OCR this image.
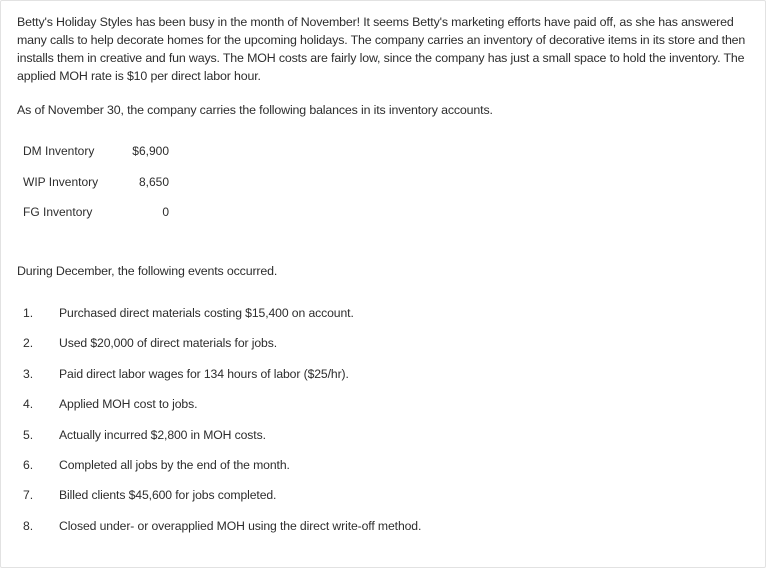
Betty's Holiday Styles has been busy in the month of November! It seems Betty's marketing efforts have paid off, as she has answered many calls to help decorate homes for the upcoming holidays. The company carries an inventory of decorative items in its store and then installs them in creative and fun ways. The MOH costs are fairly low, since the company has just a small space to hold the inventory. The applied MOH rate is $10 per direct labor hour.

As of November 30, the company carries the following balances in its inventory accounts.

DM Inventory	$6,900
WIP Inventory	8,650
FG Inventory	0

During December, the following events occurred.

1. Purchased direct materials costing $15,400 on account.
2. Used $20,000 of direct materials for jobs.
3. Paid direct labor wages for 134 hours of labor ($25/hr).
4. Applied MOH cost to jobs.
5. Actually incurred $2,800 in MOH costs.
6. Completed all jobs by the end of the month.
7. Billed clients $45,600 for jobs completed.
8. Closed under- or overapplied MOH using the direct write-off method.
